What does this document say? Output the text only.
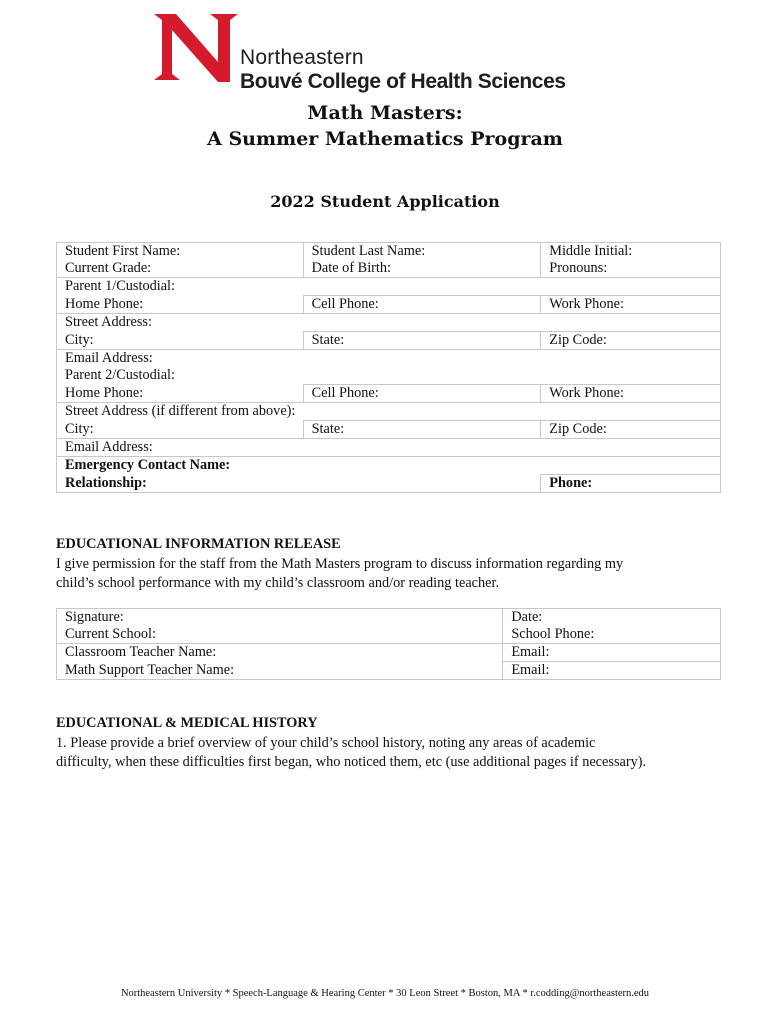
Northeastern
Bouvé College of Health Sciences
Math Masters:
A Summer Mathematics Program
2022 Student Application
Student First Name:	Student Last Name:	Middle Initial:
Current Grade:	Date of Birth:	Pronouns:
Parent 1/Custodial:		
Home Phone:	Cell Phone:	Work Phone:
Street Address:		
City:	State:	Zip Code:
Email Address:		
Parent 2/Custodial:		
Home Phone:	Cell Phone:	Work Phone:
Street Address (if different from above):		
City:	State:	Zip Code:
Email Address:		
Emergency Contact Name:		
Relationship:		Phone:
EDUCATIONAL INFORMATION RELEASE
I give permission for the staff from the Math Masters program to discuss information regarding my
child’s school performance with my child’s classroom and/or reading teacher.
Signature:	Date:
Current School:	School Phone:
Classroom Teacher Name:	Email:
Math Support Teacher Name:	Email:
EDUCATIONAL & MEDICAL HISTORY
1. Please provide a brief overview of your child’s school history, noting any areas of academic
difficulty, when these difficulties first began, who noticed them, etc (use additional pages if necessary).
Northeastern University * Speech-Language & Hearing Center * 30 Leon Street * Boston, MA * r.codding@northeastern.edu
